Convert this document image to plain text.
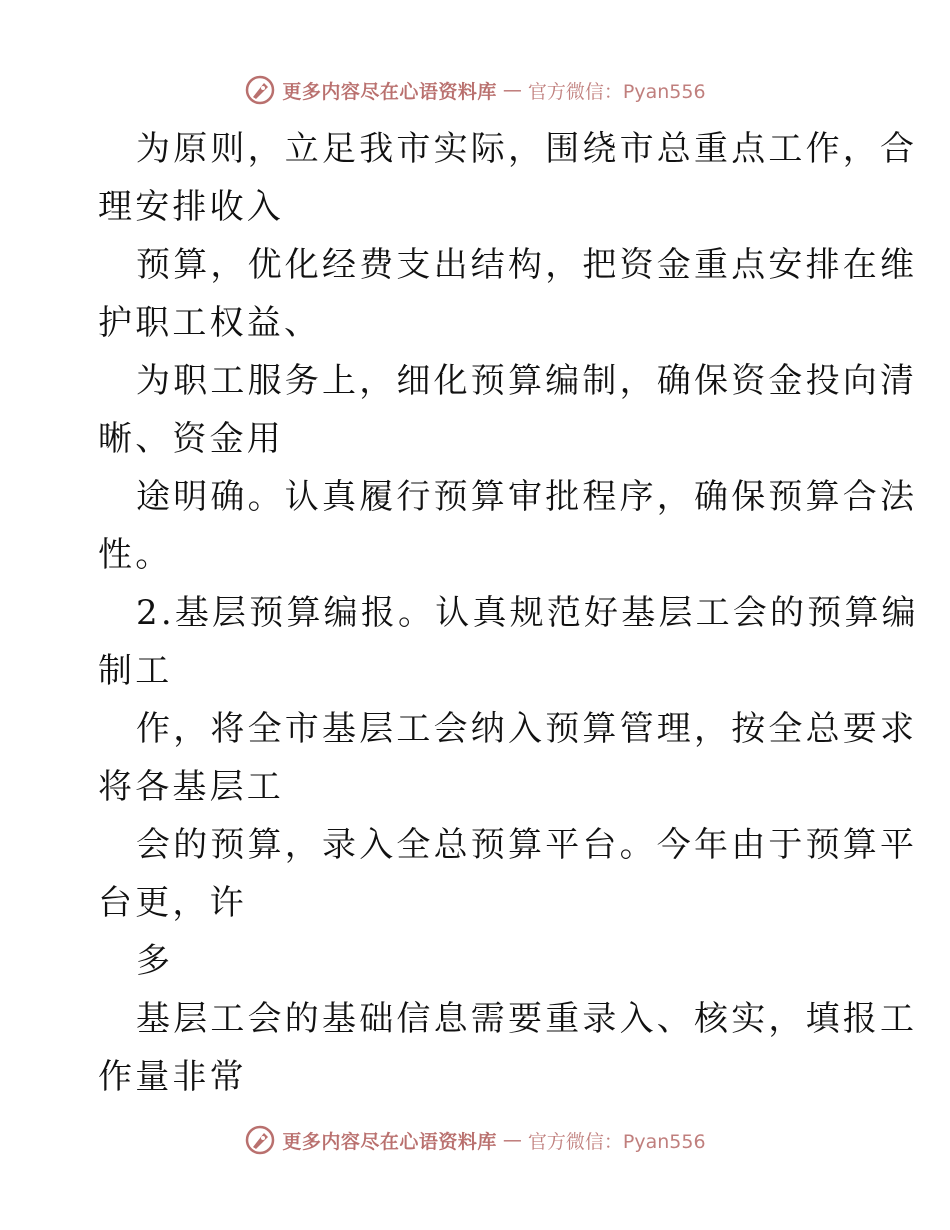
更多内容尽在心语资料库 — 官方微信：Pyan556
为原则，立足我市实际，围绕市总重点工作，合
理安排收入
预算，优化经费支出结构，把资金重点安排在维
护职工权益、
为职工服务上，细化预算编制，确保资金投向清
晰、资金用
途明确。认真履行预算审批程序，确保预算合法
性。
2.基层预算编报。认真规范好基层工会的预算编
制工
作，将全市基层工会纳入预算管理，按全总要求
将各基层工
会的预算，录入全总预算平台。今年由于预算平
台更，许
多
基层工会的基础信息需要重录入、核实，填报工
作量非常
更多内容尽在心语资料库 — 官方微信：Pyan556
